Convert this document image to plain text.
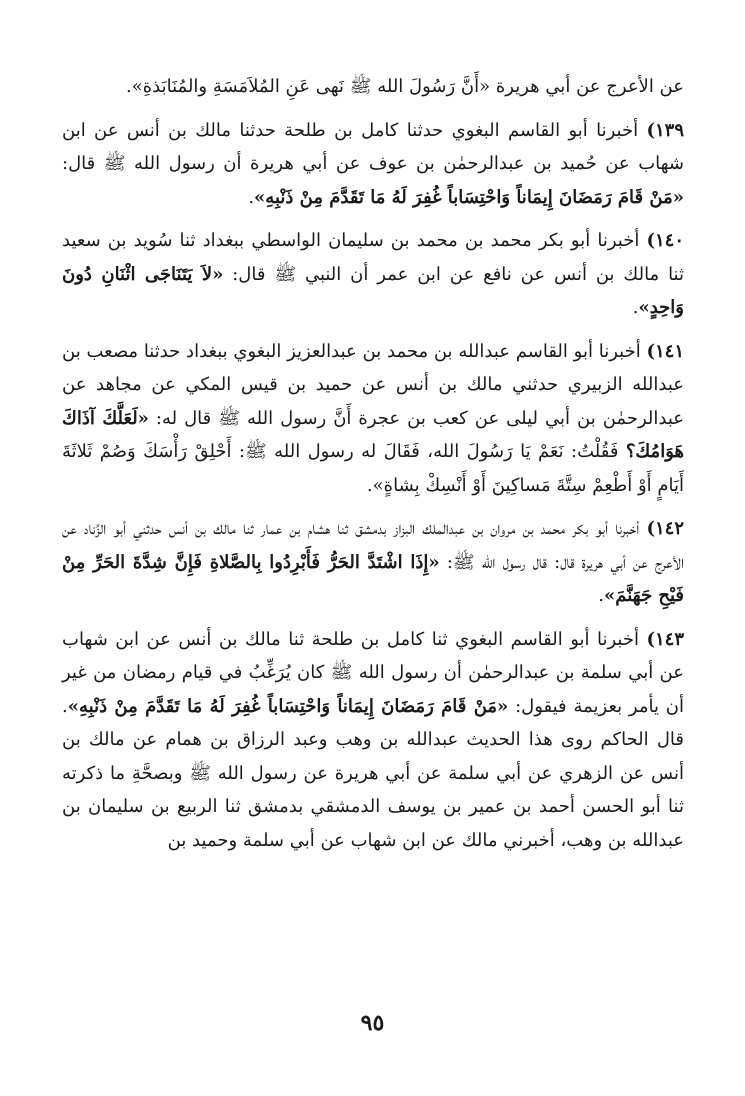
عن الأعرج عن أبي هريرة «أَنَّ رَسُولَ الله ﷺ نَهى عَنِ المُلاَمَسَةِ والمُنَابَذةِ».

١٣٩) أخبرنا أبو القاسم البغوي حدثنا كامل بن طلحة حدثنا مالك بن أنس عن ابن شهاب عن حُميد بن عبدالرحمٰن بن عوف عن أبي هريرة أن رسول الله ﷺ قال: «مَنْ قَامَ رَمَضَانَ إِيمَاناً وَاحْتِسَاباً غُفِرَ لَهُ مَا تَقَدَّمَ مِنْ ذَنْبِهِ».

١٤٠) أخبرنا أبو بكر محمد بن محمد بن سليمان الواسطي ببغداد ثنا سُويد بن سعيد ثنا مالك بن أنس عن نافع عن ابن عمر أن النبي ﷺ قال: «لاَ يَتَنَاجَى اثْنَانِ دُونَ وَاحِدٍ».

١٤١) أخبرنا أبو القاسم عبدالله بن محمد بن عبدالعزيز البغوي ببغداد حدثنا مصعب بن عبدالله الزبيري حدثني مالك بن أنس عن حميد بن قيس المكي عن مجاهد عن عبدالرحمٰن بن أبي ليلى عن كعب بن عجرة أَنَّ رسول الله ﷺ قال له: «لَعَلَّكَ آذَاكَ هَوَامُكَ؟ فَقُلْتُ: نَعَمْ يَا رَسُولَ الله، فَقَالَ له رسول الله ﷺ: أَحْلِقْ رَأْسَكَ وَصُمْ ثَلاثَةَ أَيَامٍ أَوْ أَطْعِمْ سِتَّةَ مَساكِينَ أَوْ أَنْسِكْ بِشاةٍ».

١٤٢) أخبرنا أبو بكر محمد بن مروان بن عبدالملك البزاز بدمشق ثنا هشام بن عمار ثنا مالك بن أنس حدثني أبو الزِّناد عن الأعرج عن أبي هريرة قال: قال رسول الله ﷺ: «إِذَا اشْتَدَّ الحَرُّ فَأَبْرِدُوا بِالصَّلاةِ فَإِنَّ شِدَّةَ الحَرِّ مِنْ فَيْحِ جَهَنَّمَ».

١٤٣) أخبرنا أبو القاسم البغوي ثنا كامل بن طلحة ثنا مالك بن أنس عن ابن شهاب عن أبي سلمة بن عبدالرحمٰن أن رسول الله ﷺ كان يُرَغِّبُ في قيام رمضان من غير أن يأمر بعزيمة فيقول: «مَنْ قَامَ رَمَضَانَ إِيمَاناً وَاحْتِسَاباً غُفِرَ لَهُ مَا تَقَدَّمَ مِنْ ذَنْبِهِ». قال الحاكم روى هذا الحديث عبدالله بن وهب وعبد الرزاق بن همام عن مالك بن أنس عن الزهري عن أبي سلمة عن أبي هريرة عن رسول الله ﷺ وبصحَّةِ ما ذكرته ثنا أبو الحسن أحمد بن عمير بن يوسف الدمشقي بدمشق ثنا الربيع بن سليمان بن عبدالله بن وهب، أخبرني مالك عن ابن شهاب عن أبي سلمة وحميد بن

٩٥
